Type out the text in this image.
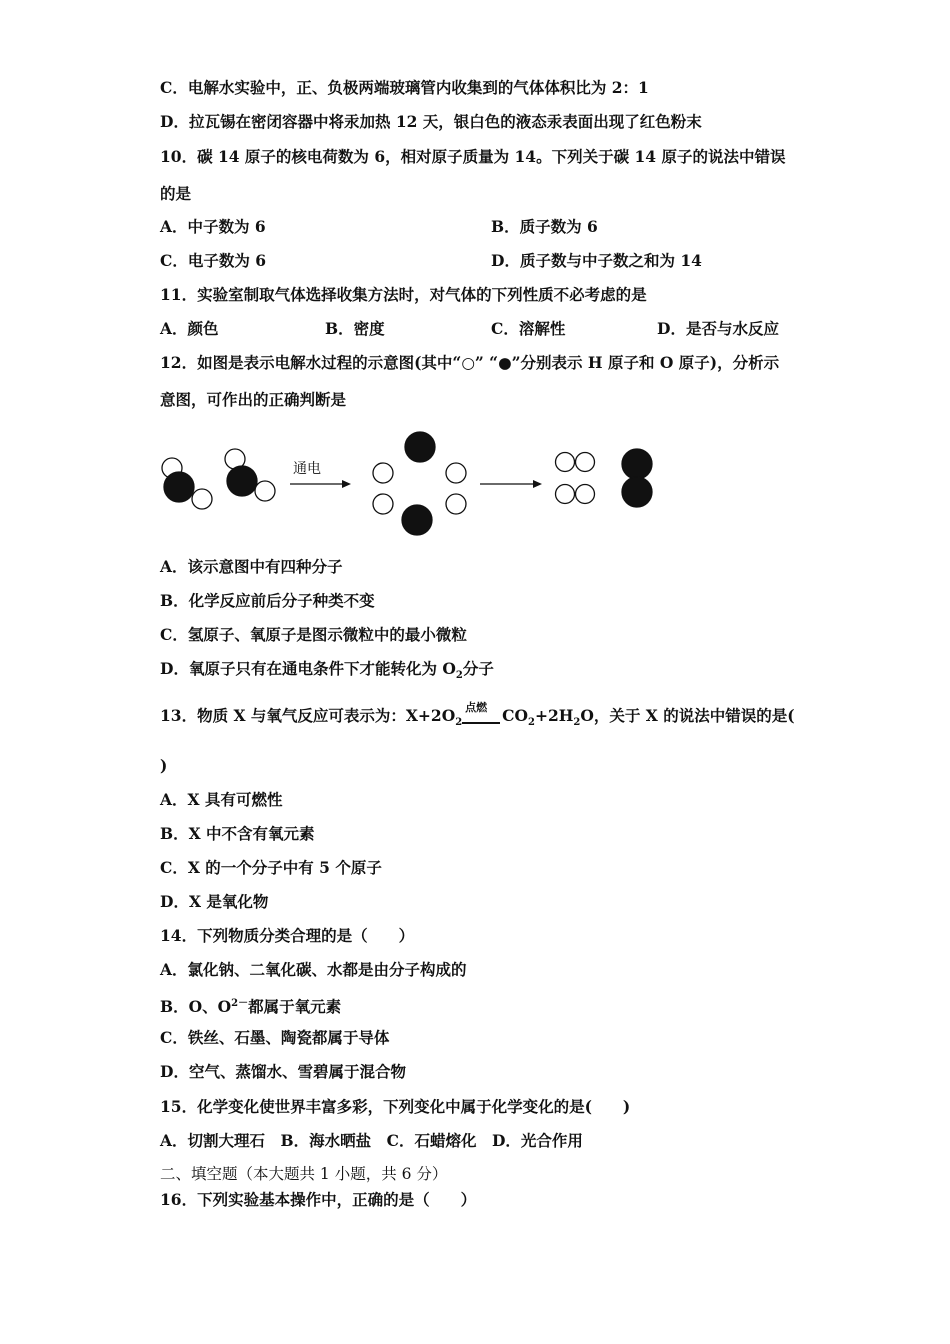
C．电解水实验中，正、负极两端玻璃管内收集到的气体体积比为 2：1
D．拉瓦锡在密闭容器中将汞加热 12 天，银白色的液态汞表面出现了红色粉末
10．碳 14 原子的核电荷数为 6，相对原子质量为 14。下列关于碳 14 原子的说法中错误
的是
A．中子数为 6	B．质子数为 6
C．电子数为 6	D．质子数与中子数之和为 14
11．实验室制取气体选择收集方法时，对气体的下列性质不必考虑的是
A．颜色	B．密度	C．溶解性	D．是否与水反应
12．如图是表示电解水过程的示意图(其中“○” “●”分别表示 H 原子和 O 原子)，分析示
意图，可作出的正确判断是
通电
A．该示意图中有四种分子
B．化学反应前后分子种类不变
C．氢原子、氧原子是图示微粒中的最小微粒
D．氧原子只有在通电条件下才能转化为 $O_2$分子
13．物质 X 与氧气反应可表示为：$X+2O_2$
点燃 $CO_2+2H_2O$，关于 X 的说法中错误的是(
)
A．X 具有可燃性
B．X 中不含有氧元素
C．X 的一个分子中有 5 个原子
D．X 是氧化物
14．下列物质分类合理的是（　　）
A．氯化钠、二氧化碳、水都是由分子构成的
B．O、$O^{2-}$都属于氧元素
C．铁丝、石墨、陶瓷都属于导体
D．空气、蒸馏水、雪碧属于混合物
15．化学变化使世界丰富多彩，下列变化中属于化学变化的是(　　)
A．切割大理石　B．海水晒盐　C．石蜡熔化　D．光合作用
二、填空题（本大题共 1 小题，共 6 分）
16．下列实验基本操作中，正确的是（　　）
